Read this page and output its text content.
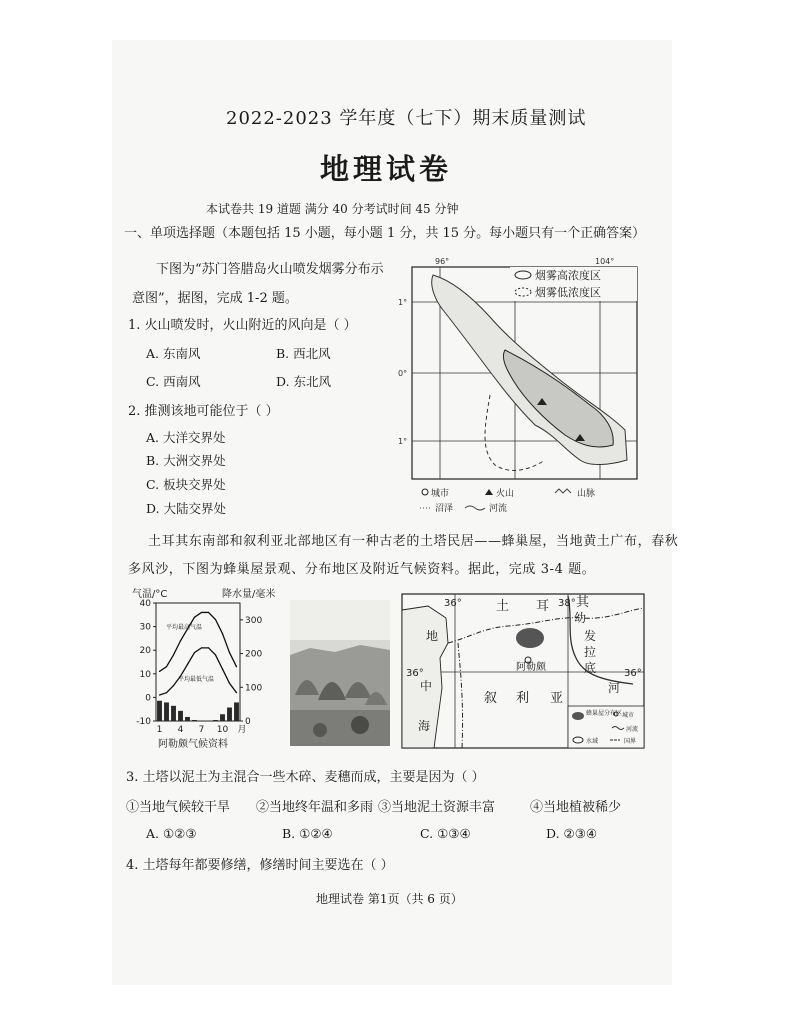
2022-2023 学年度（七下）期末质量测试
地理试卷
本试卷共 19 道题 满分 40 分考试时间 45 分钟
一、单项选择题（本题包括 15 小题，每小题 1 分，共 15 分。每小题只有一个正确答案）
下图为“苏门答腊岛火山喷发烟雾分布示
意图”，据图，完成 1-2 题。
1. 火山喷发时，火山附近的风向是（ ）
A. 东南风	B. 西北风
C. 西南风	D. 东北风
2. 推测该地可能位于（ ）
A. 大洋交界处
B. 大洲交界处
C. 板块交界处
D. 大陆交界处
96°	104°
1°
0°
1°
烟雾高浓度区
烟雾低浓度区
城市	火山	山脉
沼泽	河流
土耳其东南部和叙利亚北部地区有一种古老的土塔民居——蜂巢屋，当地黄土广布，春秋
多风沙，下图为蜂巢屋景观、分布地区及附近气候资料。据此，完成 3-4 题。
气温/°C	降水量/毫米
40
30
20
10
0
-10
300
200
100
0
1 4 7 10 月
平均最高气温
平均最低气温
阿勒颇气候资料
36°	38°
36°	36°
土 耳 其
叙 利 亚
地
中
海
幼
发
拉
底
河
阿勒颇
蜂巢屋分布区 城市
河流
水域	国界
3. 土塔以泥土为主混合一些木碎、麦穗而成，主要是因为（ ）
①当地气候较干旱 ②当地终年温和多雨 ③当地泥土资源丰富	④当地植被稀少
A. ①②③	B. ①②④	C. ①③④	D. ②③④
4. 土塔每年都要修缮，修缮时间主要选在（ ）
地理试卷 第1页（共 6 页）
